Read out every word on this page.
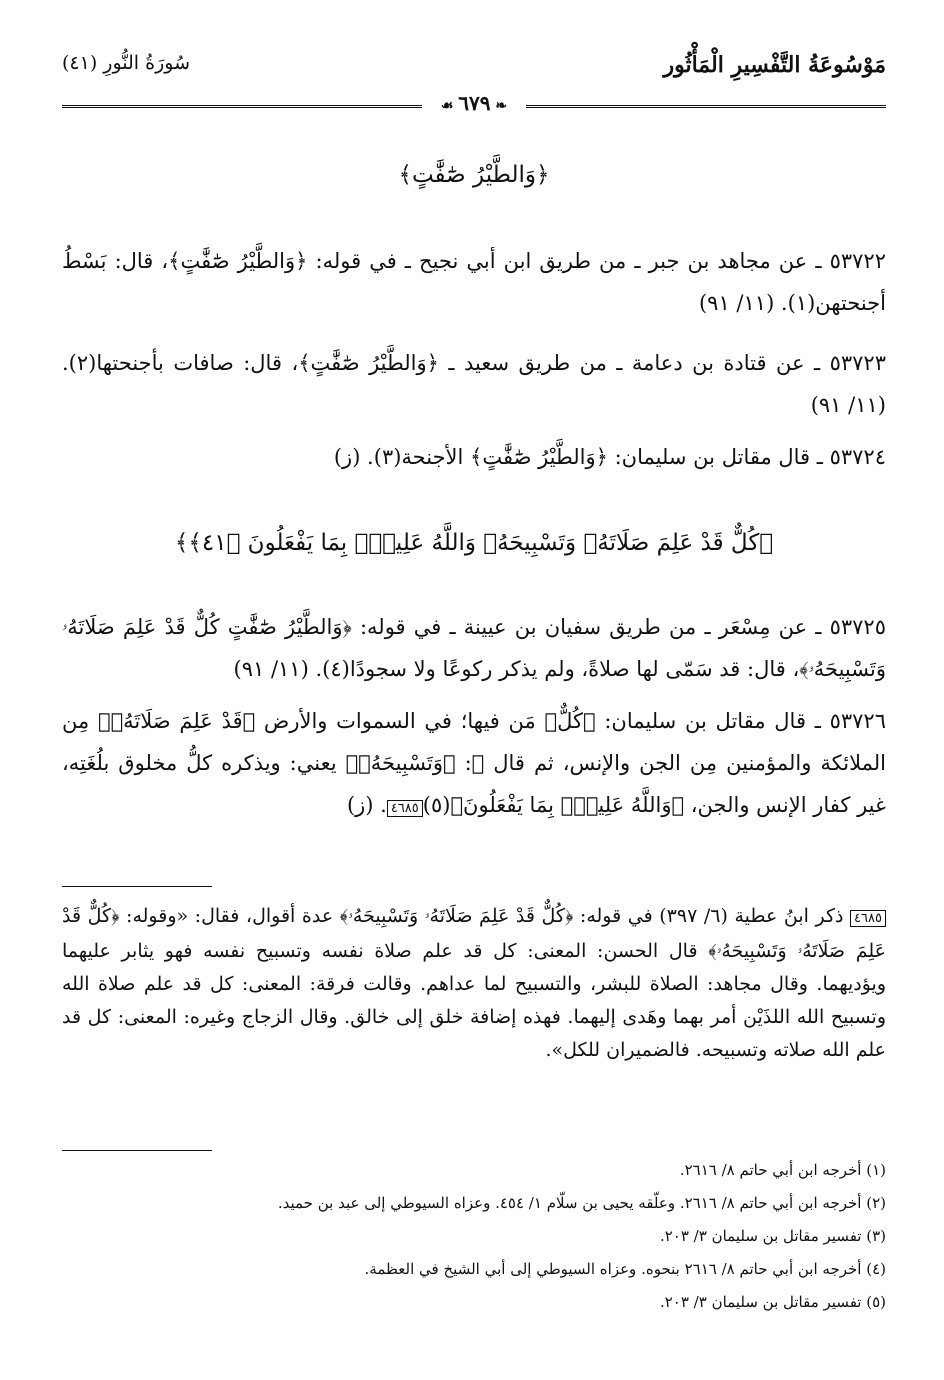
مَوْسُوعَةُ التَّفْسِيرِ الْمَأْثُور
سُورَةُ النُّورِ (٤١)
❧ ٦٧٩ ☙

﴿وَالطَّيْرُ صَٰٓفَّٰتٍ﴾

٥٣٧٢٢ ـ عن مجاهد بن جبر ـ من طريق ابن أبي نجيح ـ في قوله: ﴿وَالطَّيْرُ صَٰٓفَّٰتٍ﴾، قال: بَسْطُ أجنحتهن(١). (١١/ ٩١)

٥٣٧٢٣ ـ عن قتادة بن دعامة ـ من طريق سعيد ـ ﴿وَالطَّيْرُ صَٰٓفَّٰتٍ﴾، قال: صافات بأجنحتها(٢). (١١/ ٩١)

٥٣٧٢٤ ـ قال مقاتل بن سليمان: ﴿وَالطَّيْرُ صَٰٓفَّٰتٍ﴾ الأجنحة(٣). (ز)

﴿كُلٌّ قَدْ عَلِمَ صَلَاتَهُۥ وَتَسْبِيحَهُۥ وَاللَّهُ عَلِيمٌۢ بِمَا يَفْعَلُونَ ﴿٤١﴾﴾

٥٣٧٢٥ ـ عن مِسْعَر ـ من طريق سفيان بن عيينة ـ في قوله: ﴿وَالطَّيْرُ صَٰٓفَّٰتٍ كُلٌّ قَدْ عَلِمَ صَلَاتَهُۥ وَتَسْبِيحَهُۥ﴾، قال: قد سَمّى لها صلاةً، ولم يذكر ركوعًا ولا سجودًا(٤). (١١/ ٩١)

٥٣٧٢٦ ـ قال مقاتل بن سليمان: ﴿كُلٌّ﴾ مَن فيها؛ في السموات والأرض ﴿قَدْ عَلِمَ صَلَاتَهُۥ﴾ مِن الملائكة والمؤمنين مِن الجن والإنس، ثم قال ﷻ: ﴿وَتَسْبِيحَهُۥ﴾ يعني: ويذكره كلُّ مخلوق بلُغَتِه، غير كفار الإنس والجن، ﴿وَاللَّهُ عَلِيمٌۢ بِمَا يَفْعَلُونَ﴾(٥)٤٦٨٥. (ز)

٤٦٨٥ ذكر ابنُ عطية (٦/ ٣٩٧) في قوله: ﴿كُلٌّ قَدْ عَلِمَ صَلَاتَهُۥ وَتَسْبِيحَهُۥ﴾ عدة أقوال، فقال: «وقوله: ﴿كُلٌّ قَدْ عَلِمَ صَلَاتَهُۥ وَتَسْبِيحَهُۥ﴾ قال الحسن: المعنى: كل قد علم صلاة نفسه وتسبيح نفسه فهو يثابر عليهما ويؤديهما. وقال مجاهد: الصلاة للبشر، والتسبيح لما عداهم. وقالت فرقة: المعنى: كل قد علم صلاة الله وتسبيح الله اللذَيْن أمر بهما وهَدى إليهما. فهذه إضافة خلق إلى خالق. وقال الزجاج وغيره: المعنى: كل قد علم الله صلاته وتسبيحه. فالضميران للكل».

(١) أخرجه ابن أبي حاتم ٨/ ٢٦١٦.
(٢) أخرجه ابن أبي حاتم ٨/ ٢٦١٦. وعلّقه يحيى بن سلّام ١/ ٤٥٤. وعزاه السيوطي إلى عبد بن حميد.
(٣) تفسير مقاتل بن سليمان ٣/ ٢٠٣.
(٤) أخرجه ابن أبي حاتم ٨/ ٢٦١٦ بنحوه. وعزاه السيوطي إلى أبي الشيخ في العظمة.
(٥) تفسير مقاتل بن سليمان ٣/ ٢٠٣.
